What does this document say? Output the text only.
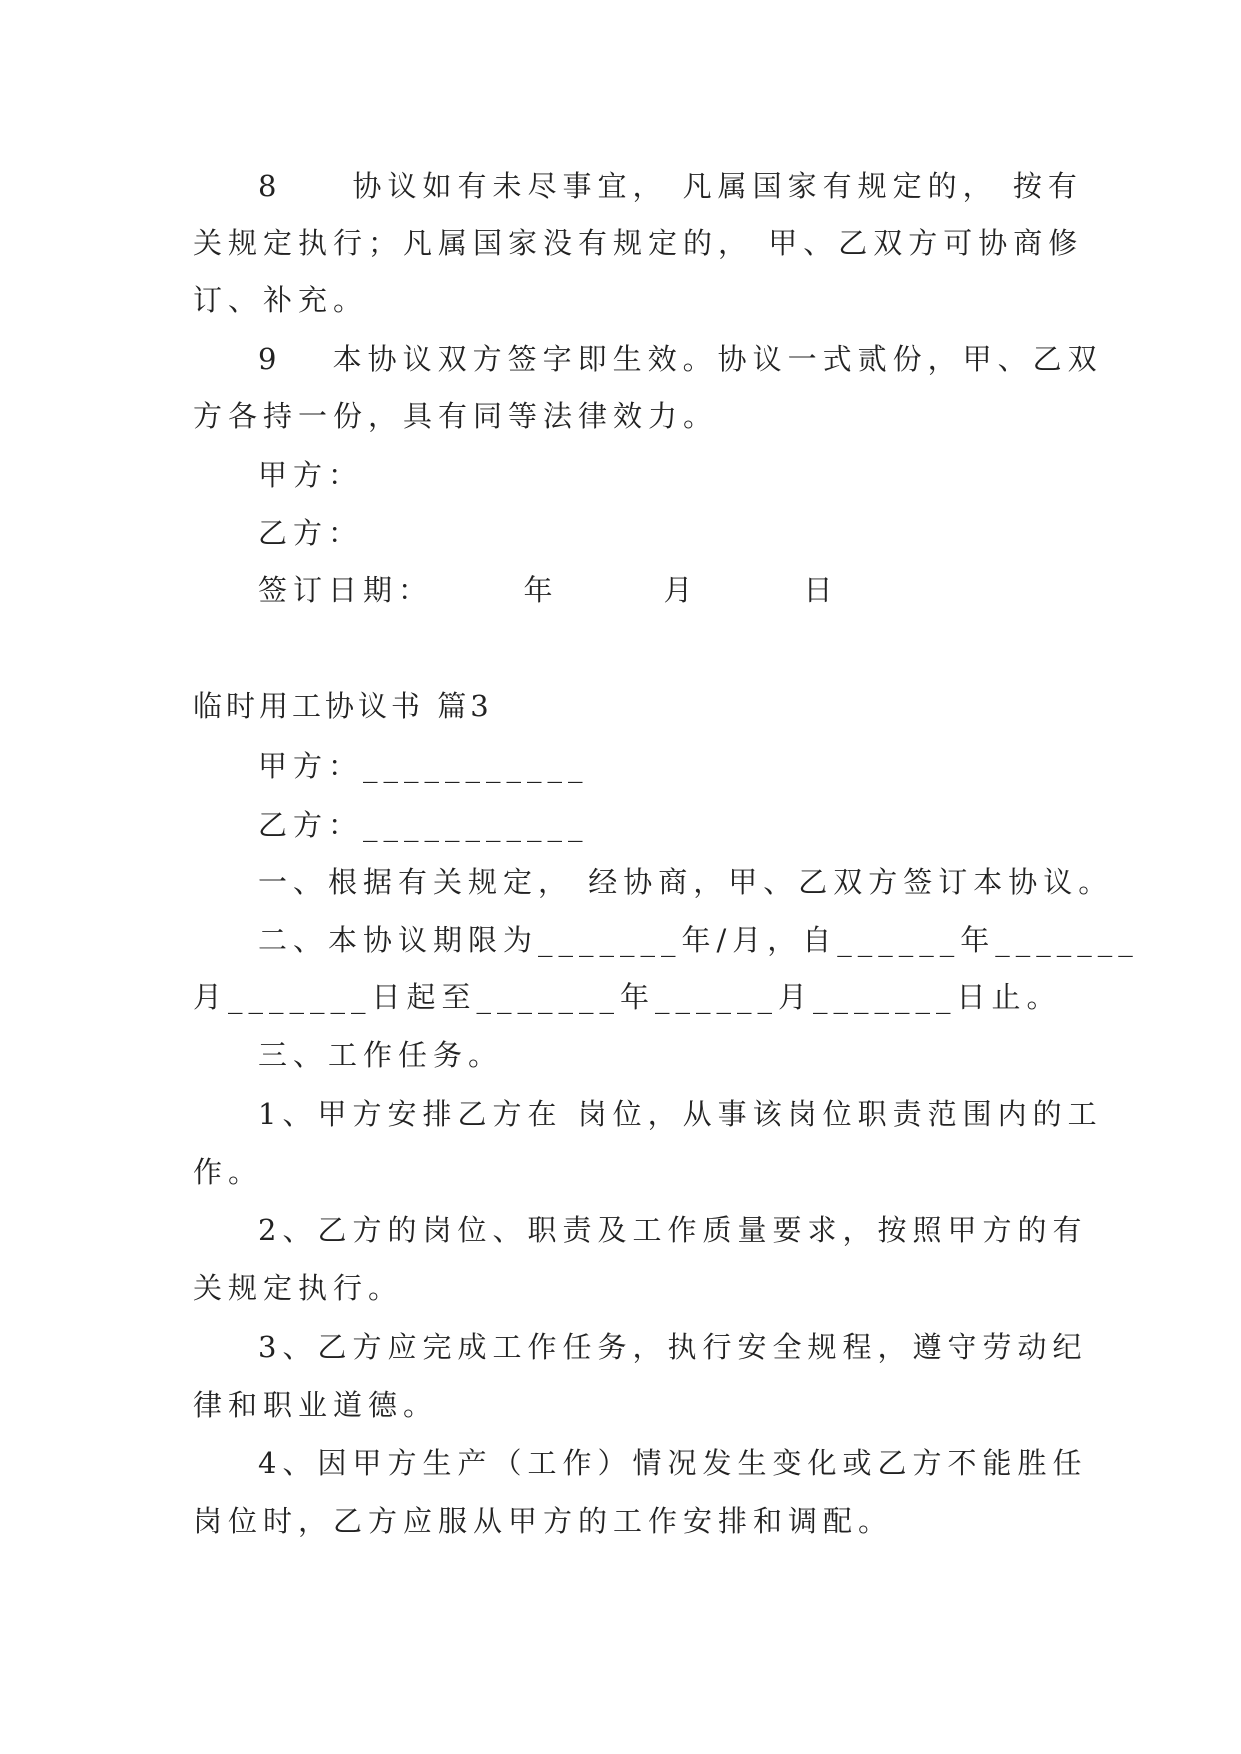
8　　协议如有未尽事宜， 凡属国家有规定的， 按有
关规定执行；凡属国家没有规定的， 甲、乙双方可协商修
订、补充。
9　 本协议双方签字即生效。协议一式贰份，甲、乙双
方各持一份，具有同等法律效力。
甲方：
乙方：
签订日期：　　　年　　　月　　　日
临时用工协议书 篇3
甲方：___________
乙方：___________
一、根据有关规定， 经协商，甲、乙双方签订本协议。
二、本协议期限为_______年/月，自______年_______
月_______日起至_______年______月_______日止。
三、工作任务。
1、甲方安排乙方在 岗位，从事该岗位职责范围内的工
作。
2、乙方的岗位、职责及工作质量要求，按照甲方的有
关规定执行。
3、乙方应完成工作任务，执行安全规程，遵守劳动纪
律和职业道德。
4、因甲方生产（工作）情况发生变化或乙方不能胜任
岗位时，乙方应服从甲方的工作安排和调配。
